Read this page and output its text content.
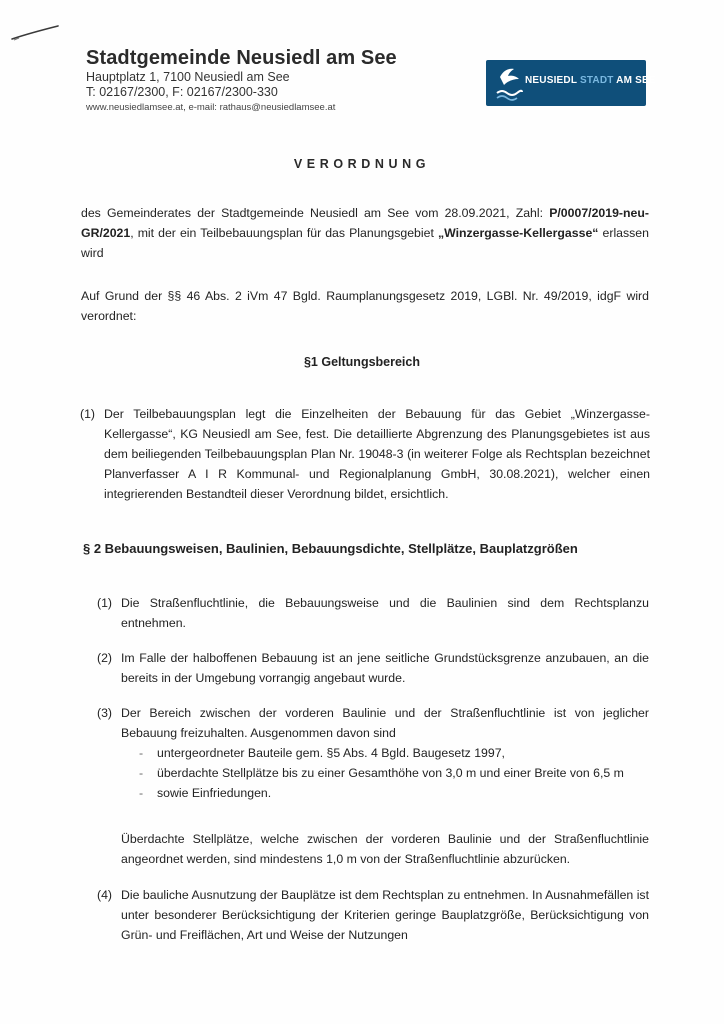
Stadtgemeinde Neusiedl am See
Hauptplatz 1, 7100 Neusiedl am See
T: 02167/2300, F: 02167/2300-330
www.neusiedlamsee.at, e-mail: rathaus@neusiedlamsee.at
NEUSIEDL STADT AM SEE
VERORDNUNG
des Gemeinderates der Stadtgemeinde Neusiedl am See vom 28.09.2021, Zahl: P/0007/2019-neu-GR/2021, mit der ein Teilbebauungsplan für das Planungsgebiet „Winzergasse-Kellergasse“ erlassen wird
Auf Grund der §§ 46 Abs. 2 iVm 47 Bgld. Raumplanungsgesetz 2019, LGBl. Nr. 49/2019, idgF wird verordnet:
§1 Geltungsbereich
(1) Der Teilbebauungsplan legt die Einzelheiten der Bebauung für das Gebiet „Winzergasse-Kellergasse“, KG Neusiedl am See, fest. Die detaillierte Abgrenzung des Planungsgebietes ist aus dem beiliegenden Teilbebauungsplan Plan Nr. 19048-3 (in weiterer Folge als Rechtsplan bezeichnet Planverfasser A I R Kommunal- und Regionalplanung GmbH, 30.08.2021), welcher einen integrierenden Bestandteil dieser Verordnung bildet, ersichtlich.
§ 2 Bebauungsweisen, Baulinien, Bebauungsdichte, Stellplätze, Bauplatzgrößen
(1) Die Straßenfluchtlinie, die Bebauungsweise und die Baulinien sind dem Rechtsplanzu entnehmen.
(2) Im Falle der halboffenen Bebauung ist an jene seitliche Grundstücksgrenze anzubauen, an die bereits in der Umgebung vorrangig angebaut wurde.
(3) Der Bereich zwischen der vorderen Baulinie und der Straßenfluchtlinie ist von jeglicher Bebauung freizuhalten. Ausgenommen davon sind
- untergeordneter Bauteile gem. §5 Abs. 4 Bgld. Baugesetz 1997,
- überdachte Stellplätze bis zu einer Gesamthöhe von 3,0 m und einer Breite von 6,5 m
- sowie Einfriedungen.
Überdachte Stellplätze, welche zwischen der vorderen Baulinie und der Straßenfluchtlinie angeordnet werden, sind mindestens 1,0 m von der Straßenfluchtlinie abzurücken.
(4) Die bauliche Ausnutzung der Bauplätze ist dem Rechtsplan zu entnehmen. In Ausnahmefällen ist unter besonderer Berücksichtigung der Kriterien geringe Bauplatzgröße, Berücksichtigung von Grün- und Freiflächen, Art und Weise der Nutzungen
